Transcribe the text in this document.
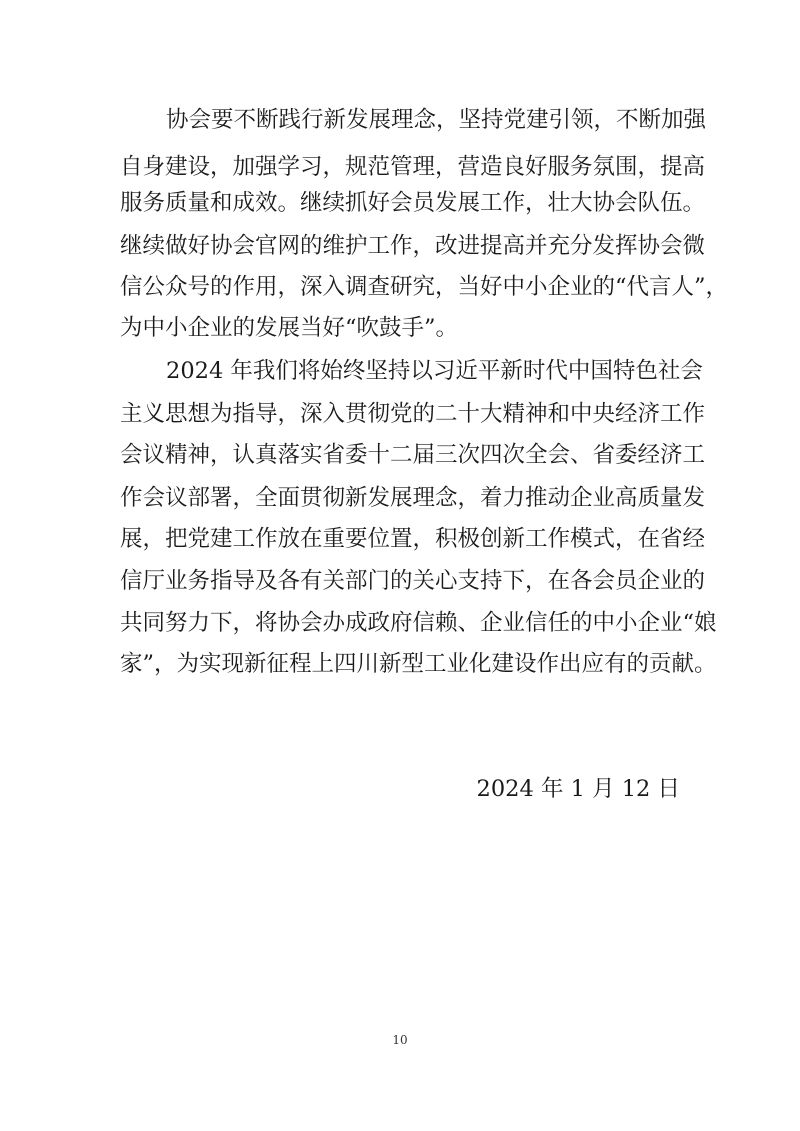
协会要不断践行新发展理念，坚持党建引领，不断加强
自身建设，加强学习，规范管理，营造良好服务氛围，提高
服务质量和成效。继续抓好会员发展工作，壮大协会队伍。
继续做好协会官网的维护工作，改进提高并充分发挥协会微
信公众号的作用，深入调查研究，当好中小企业的“代言人”，
为中小企业的发展当好“吹鼓手”。
2024 年我们将始终坚持以习近平新时代中国特色社会
主义思想为指导，深入贯彻党的二十大精神和中央经济工作
会议精神，认真落实省委十二届三次四次全会、省委经济工
作会议部署，全面贯彻新发展理念，着力推动企业高质量发
展，把党建工作放在重要位置，积极创新工作模式，在省经
信厅业务指导及各有关部门的关心支持下，在各会员企业的
共同努力下，将协会办成政府信赖、企业信任的中小企业“娘
家”，为实现新征程上四川新型工业化建设作出应有的贡献。
2024 年 1 月 12 日
10
